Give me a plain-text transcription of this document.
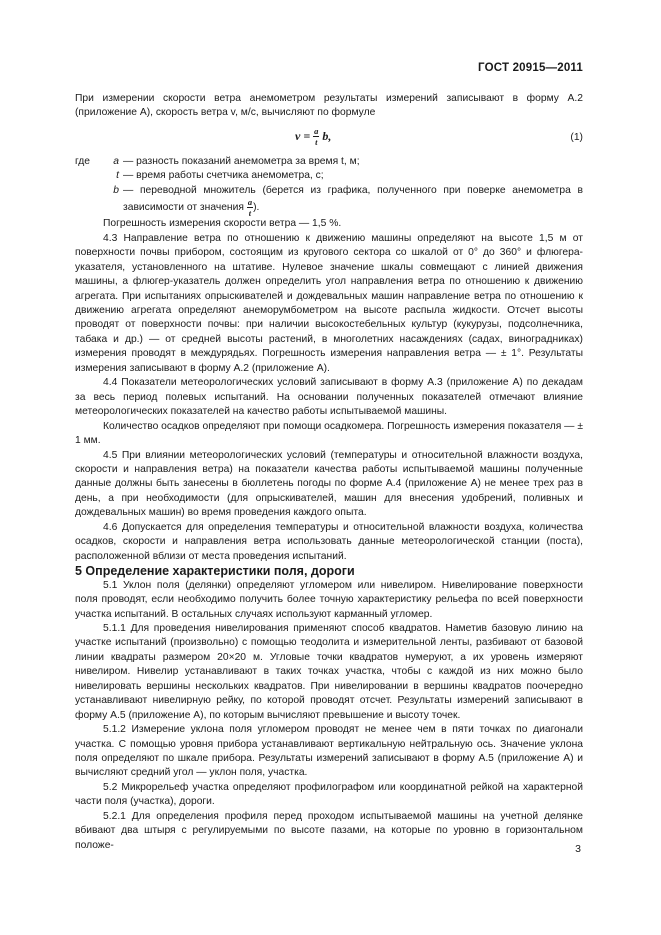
ГОСТ 20915—2011

При измерении скорости ветра анемометром результаты измерений записывают в форму А.2 (приложение А), скорость ветра v, м/с, вычисляют по формуле

$v = \frac{a}{t} b$,	(1)
где	a — разность показаний анемометра за время t, м;
t — время работы счетчика анемометра, с;
b — переводной множитель (берется из графика, полученного при поверке анемометра в зависимости от значения $\frac{a}{t}$ ).

Погрешность измерения скорости ветра — 1,5 %.

4.3 Направление ветра по отношению к движению машины определяют на высоте 1,5 м от поверхности почвы прибором, состоящим из кругового сектора со шкалой от 0° до 360° и флюгера-указателя, установленного на штативе. Нулевое значение шкалы совмещают с линией движения машины, а флюгер-указатель должен определить угол направления ветра по отношению к движению агрегата. При испытаниях опрыскивателей и дождевальных машин направление ветра по отношению к движению агрегата определяют анеморумбометром на высоте распыла жидкости. Отсчет высоты проводят от поверхности почвы: при наличии высокостебельных культур (кукурузы, подсолнечника, табака и др.) — от средней высоты растений, в многолетних насаждениях (садах, виноградниках) измерения проводят в междурядьях. Погрешность измерения направления ветра — ± 1°. Результаты измерения записывают в форму А.2 (приложение А).

4.4 Показатели метеорологических условий записывают в форму А.3 (приложение А) по декадам за весь период полевых испытаний. На основании полученных показателей отмечают влияние метеорологических показателей на качество работы испытываемой машины.

Количество осадков определяют при помощи осадкомера. Погрешность измерения показателя — ± 1 мм.

4.5 При влиянии метеорологических условий (температуры и относительной влажности воздуха, скорости и направления ветра) на показатели качества работы испытываемой машины полученные данные должны быть занесены в бюллетень погоды по форме А.4 (приложение А) не менее трех раз в день, а при необходимости (для опрыскивателей, машин для внесения удобрений, поливных и дождевальных машин) во время проведения каждого опыта.

4.6 Допускается для определения температуры и относительной влажности воздуха, количества осадков, скорости и направления ветра использовать данные метеорологической станции (поста), расположенной вблизи от места проведения испытаний.

5 Определение характеристики поля, дороги

5.1 Уклон поля (делянки) определяют угломером или нивелиром. Нивелирование поверхности поля проводят, если необходимо получить более точную характеристику рельефа по всей поверхности участка испытаний. В остальных случаях используют карманный угломер.

5.1.1 Для проведения нивелирования применяют способ квадратов. Наметив базовую линию на участке испытаний (произвольно) с помощью теодолита и измерительной ленты, разбивают от базовой линии квадраты размером 20×20 м. Угловые точки квадратов нумеруют, а их уровень измеряют нивелиром. Нивелир устанавливают в таких точках участка, чтобы с каждой из них можно было нивелировать вершины нескольких квадратов. При нивелировании в вершины квадратов поочередно устанавливают нивелирную рейку, по которой проводят отсчет. Результаты измерений записывают в форму А.5 (приложение А), по которым вычисляют превышение и высоту точек.

5.1.2 Измерение уклона поля угломером проводят не менее чем в пяти точках по диагонали участка. С помощью уровня прибора устанавливают вертикальную нейтральную ось. Значение уклона поля определяют по шкале прибора. Результаты измерений записывают в форму А.5 (приложение А) и вычисляют средний угол — уклон поля, участка.

5.2 Микрорельеф участка определяют профилографом или координатной рейкой на характерной части поля (участка), дороги.

5.2.1 Для определения профиля перед проходом испытываемой машины на учетной делянке вбивают два штыря с регулируемыми по высоте пазами, на которые по уровню в горизонтальном положе-	3
